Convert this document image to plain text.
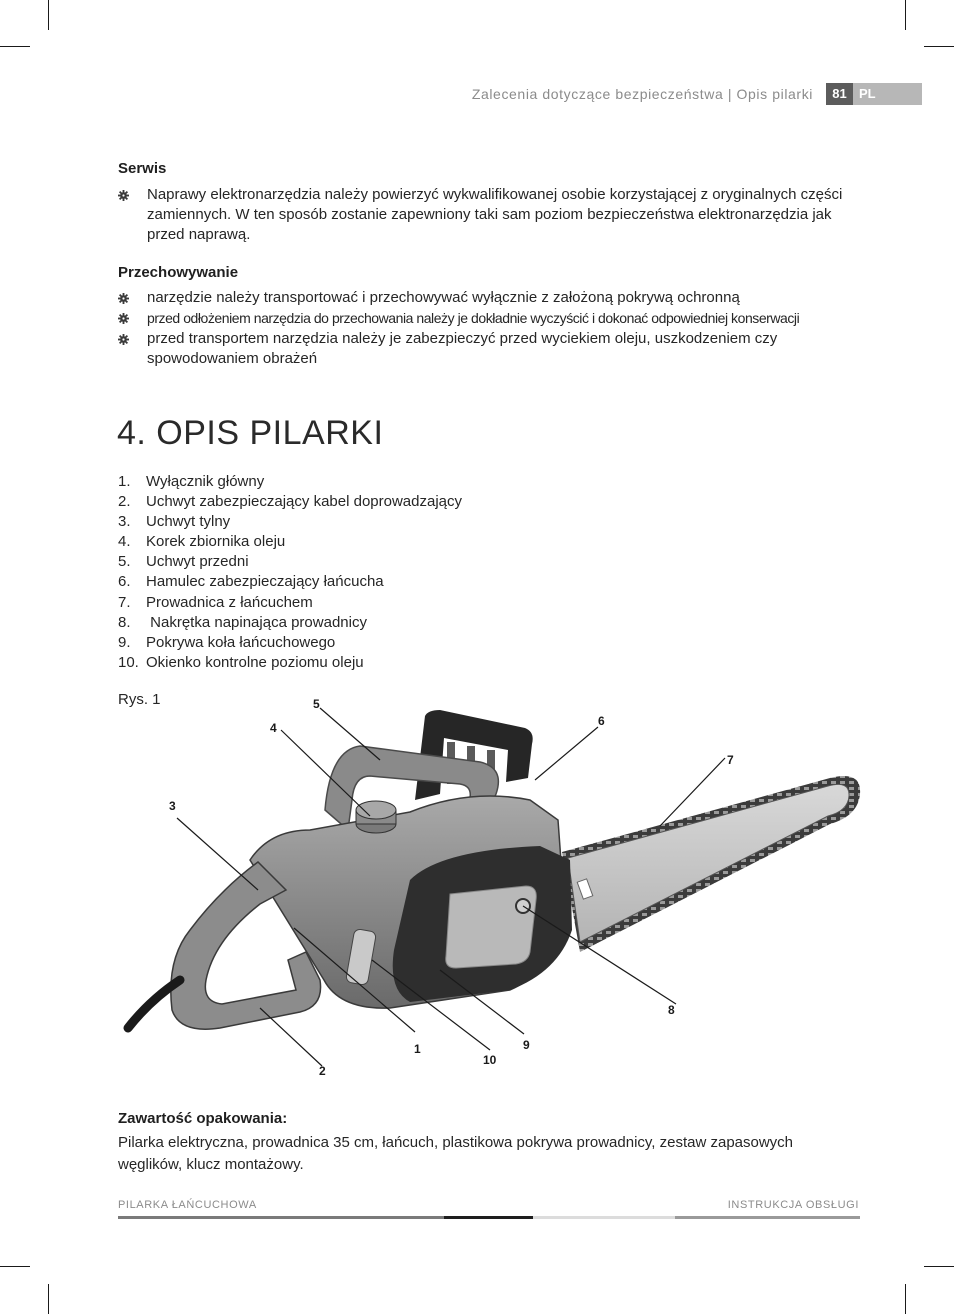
Zalecenia dotyczące bezpieczeństwa | Opis pilarki	81 PL
Serwis
Naprawy elektronarzędzia należy powierzyć wykwalifikowanej osobie korzystającej z oryginalnych części zamiennych. W ten sposób zostanie zapewniony taki sam poziom bezpieczeństwa elektronarzędzia jak przed naprawą.
Przechowywanie
narzędzie należy transportować i przechowywać wyłącznie z założoną pokrywą ochronną
przed odłożeniem narzędzia do przechowania należy je dokładnie wyczyścić i dokonać odpowiedniej konserwacji
przed transportem narzędzia należy je zabezpieczyć przed wyciekiem oleju, uszkodzeniem czy spowodowaniem obrażeń
4. OPIS PILARKI
1. Wyłącznik główny
2. Uchwyt zabezpieczający kabel doprowadzający
3. Uchwyt tylny
4. Korek zbiornika oleju
5. Uchwyt przedni
6. Hamulec zabezpieczający łańcucha
7. Prowadnica z łańcuchem
8. Nakrętka napinająca prowadnicy
9. Pokrywa koła łańcuchowego
10. Okienko kontrolne poziomu oleju
Rys. 1
1
2
3
4
5
6
7
8
9
10
Zawartość opakowania:
Pilarka elektryczna, prowadnica 35 cm, łańcuch, plastikowa pokrywa prowadnicy, zestaw zapasowych węglików, klucz montażowy.
PILARKA ŁAŃCUCHOWA	INSTRUKCJA OBSŁUGI
